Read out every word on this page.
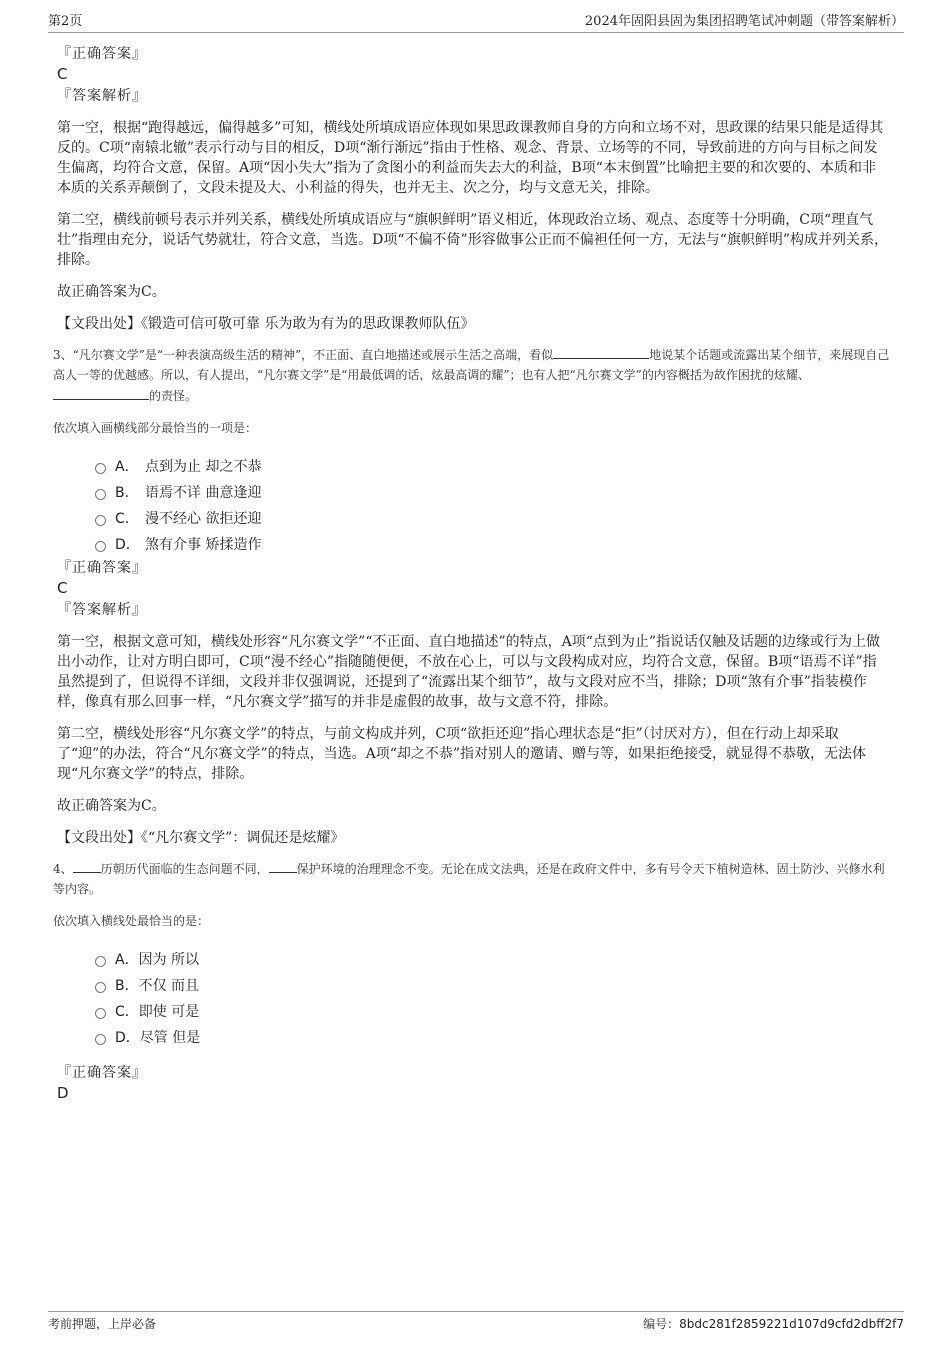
第2页	2024年固阳县固为集团招聘笔试冲刺题（带答案解析）

『正确答案』

C

『答案解析』

第一空，根据“跑得越远，偏得越多”可知，横线处所填成语应体现如果思政课教师自身的方向和立场不对，思政课的结果只能是适得其反的。C项“南辕北辙”表示行动与目的相反，D项“渐行渐远”指由于性格、观念、背景、立场等的不同，导致前进的方向与目标之间发生偏离，均符合文意，保留。A项“因小失大”指为了贪图小的利益而失去大的利益，B项“本末倒置”比喻把主要的和次要的、本质和非本质的关系弄颠倒了，文段未提及大、小利益的得失，也并无主、次之分，均与文意无关，排除。

第二空，横线前顿号表示并列关系，横线处所填成语应与“旗帜鲜明”语义相近，体现政治立场、观点、态度等十分明确，C项“理直气壮”指理由充分，说话气势就壮，符合文意，当选。D项“不偏不倚”形容做事公正而不偏袒任何一方，无法与“旗帜鲜明”构成并列关系，排除。

故正确答案为C。

【文段出处】《锻造可信可敬可靠 乐为敢为有为的思政课教师队伍》

3、“凡尔赛文学”是“一种表演高级生活的精神”，不正面、直白地描述或展示生活之高端，看似	地说某个话题或流露出某个细节，来展现自己高人一等的优越感。所以，有人提出，“凡尔赛文学”是“用最低调的话，炫最高调的耀”；也有人把“凡尔赛文学”的内容概括为故作困扰的炫耀、的责怪。

依次填入画横线部分最恰当的一项是：

A． 点到为止 却之不恭
B． 语焉不详 曲意逢迎
C． 漫不经心 欲拒还迎
D． 煞有介事 矫揉造作

『正确答案』

C

『答案解析』

第一空，根据文意可知，横线处形容“凡尔赛文学”“不正面、直白地描述”的特点，A项“点到为止”指说话仅触及话题的边缘或行为上做出小动作，让对方明白即可，C项“漫不经心”指随随便便，不放在心上，可以与文段构成对应，均符合文意，保留。B项“语焉不详”指虽然提到了，但说得不详细，文段并非仅强调说，还提到了“流露出某个细节”，故与文段对应不当，排除；D项“煞有介事”指装模作样，像真有那么回事一样，“凡尔赛文学”描写的并非是虚假的故事，故与文意不符，排除。

第二空，横线处形容“凡尔赛文学”的特点，与前文构成并列，C项“欲拒还迎”指心理状态是“拒”（讨厌对方），但在行动上却采取了“迎”的办法，符合“凡尔赛文学”的特点，当选。A项“却之不恭”指对别人的邀请、赠与等，如果拒绝接受，就显得不恭敬，无法体现“凡尔赛文学”的特点，排除。

故正确答案为C。

【文段出处】《“凡尔赛文学”：调侃还是炫耀》

4、 历朝历代面临的生态问题不同， 保护环境的治理理念不变。无论在成文法典，还是在政府文件中，多有号令天下植树造林、固土防沙、兴修水利等内容。

依次填入横线处最恰当的是：

A．因为 所以
B．不仅 而且
C．即使 可是
D．尽管 但是

『正确答案』

D

考前押题，上岸必备	编号：8bdc281f2859221d107d9cfd2dbff2f7
